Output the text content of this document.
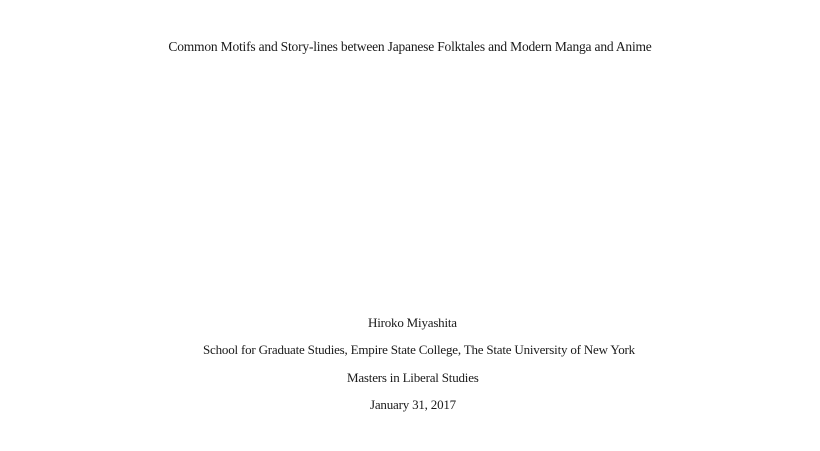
Common Motifs and Story-lines between Japanese Folktales and Modern Manga and Anime
Hiroko Miyashita
School for Graduate Studies, Empire State College, The State University of New York
Masters in Liberal Studies
January 31, 2017
